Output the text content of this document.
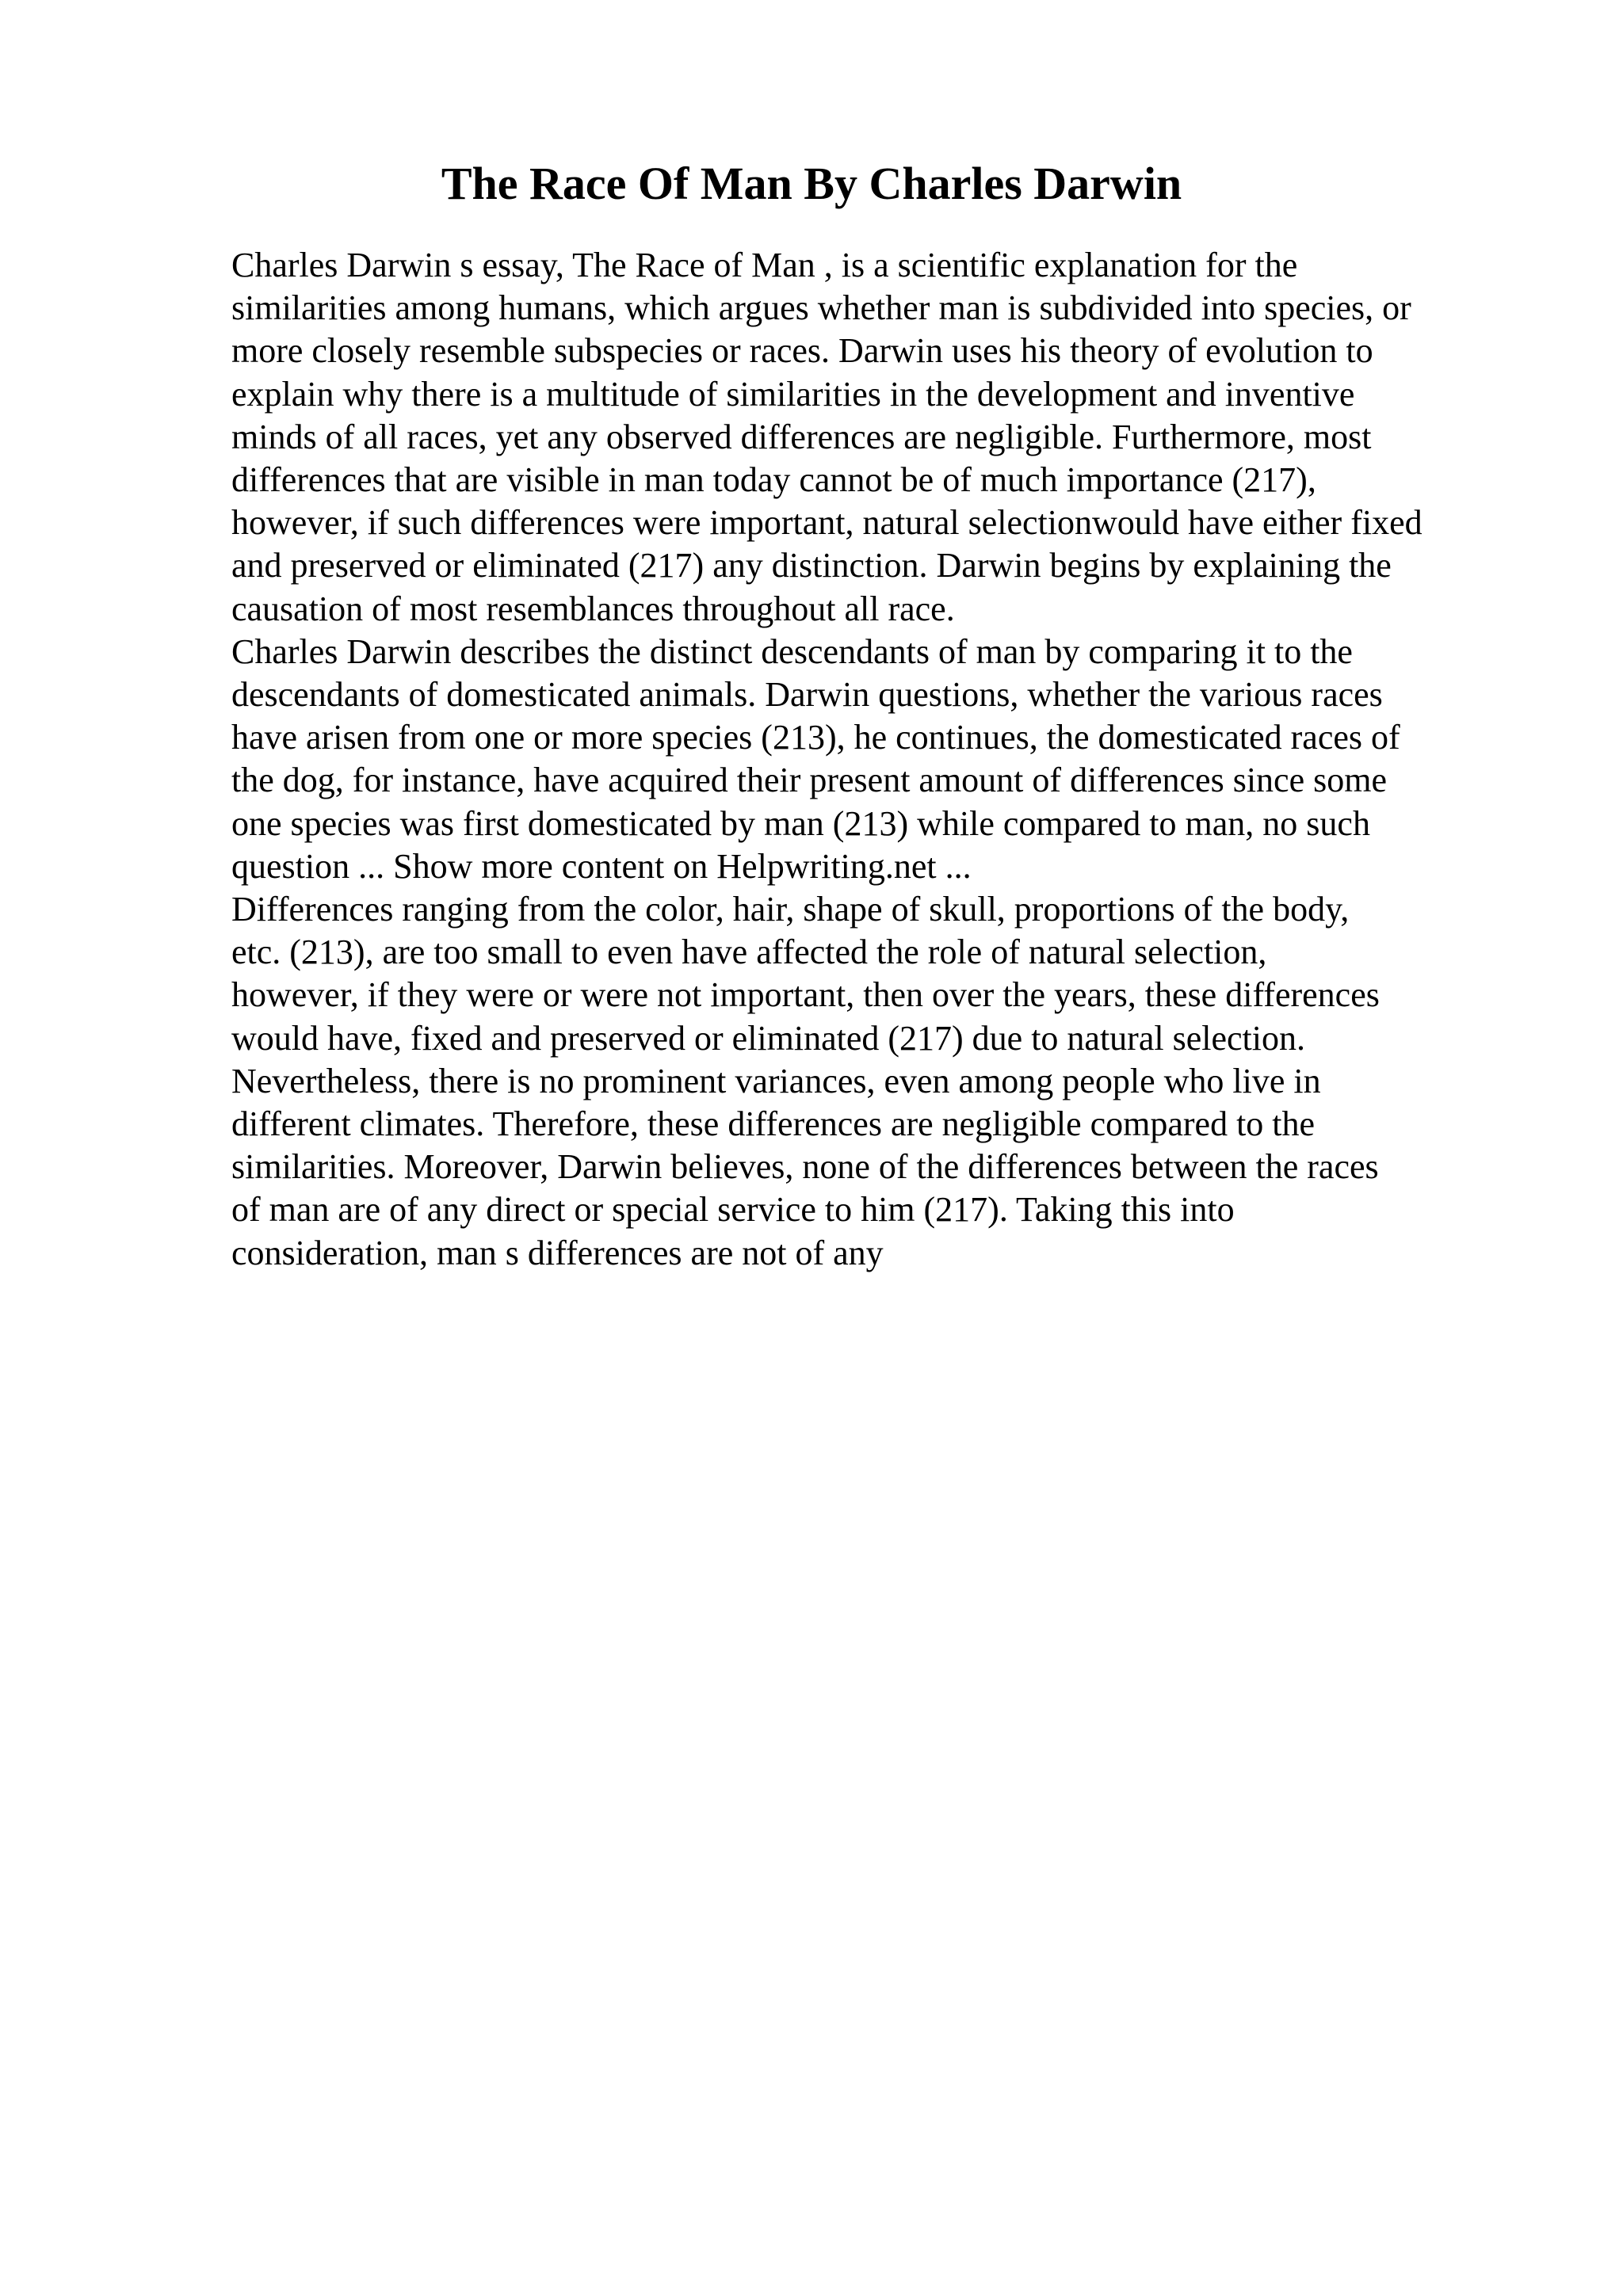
The Race Of Man By Charles Darwin
Charles Darwin s essay, The Race of Man , is a scientific explanation for the
similarities among humans, which argues whether man is subdivided into species, or
more closely resemble subspecies or races. Darwin uses his theory of evolution to
explain why there is a multitude of similarities in the development and inventive
minds of all races, yet any observed differences are negligible. Furthermore, most
differences that are visible in man today cannot be of much importance (217),
however, if such differences were important, natural selectionwould have either fixed
and preserved or eliminated (217) any distinction. Darwin begins by explaining the
causation of most resemblances throughout all race.
Charles Darwin describes the distinct descendants of man by comparing it to the
descendants of domesticated animals. Darwin questions, whether the various races
have arisen from one or more species (213), he continues, the domesticated races of
the dog, for instance, have acquired their present amount of differences since some
one species was first domesticated by man (213) while compared to man, no such
question ... Show more content on Helpwriting.net ...
Differences ranging from the color, hair, shape of skull, proportions of the body,
etc. (213), are too small to even have affected the role of natural selection,
however, if they were or were not important, then over the years, these differences
would have, fixed and preserved or eliminated (217) due to natural selection.
Nevertheless, there is no prominent variances, even among people who live in
different climates. Therefore, these differences are negligible compared to the
similarities. Moreover, Darwin believes, none of the differences between the races
of man are of any direct or special service to him (217). Taking this into
consideration, man s differences are not of any
